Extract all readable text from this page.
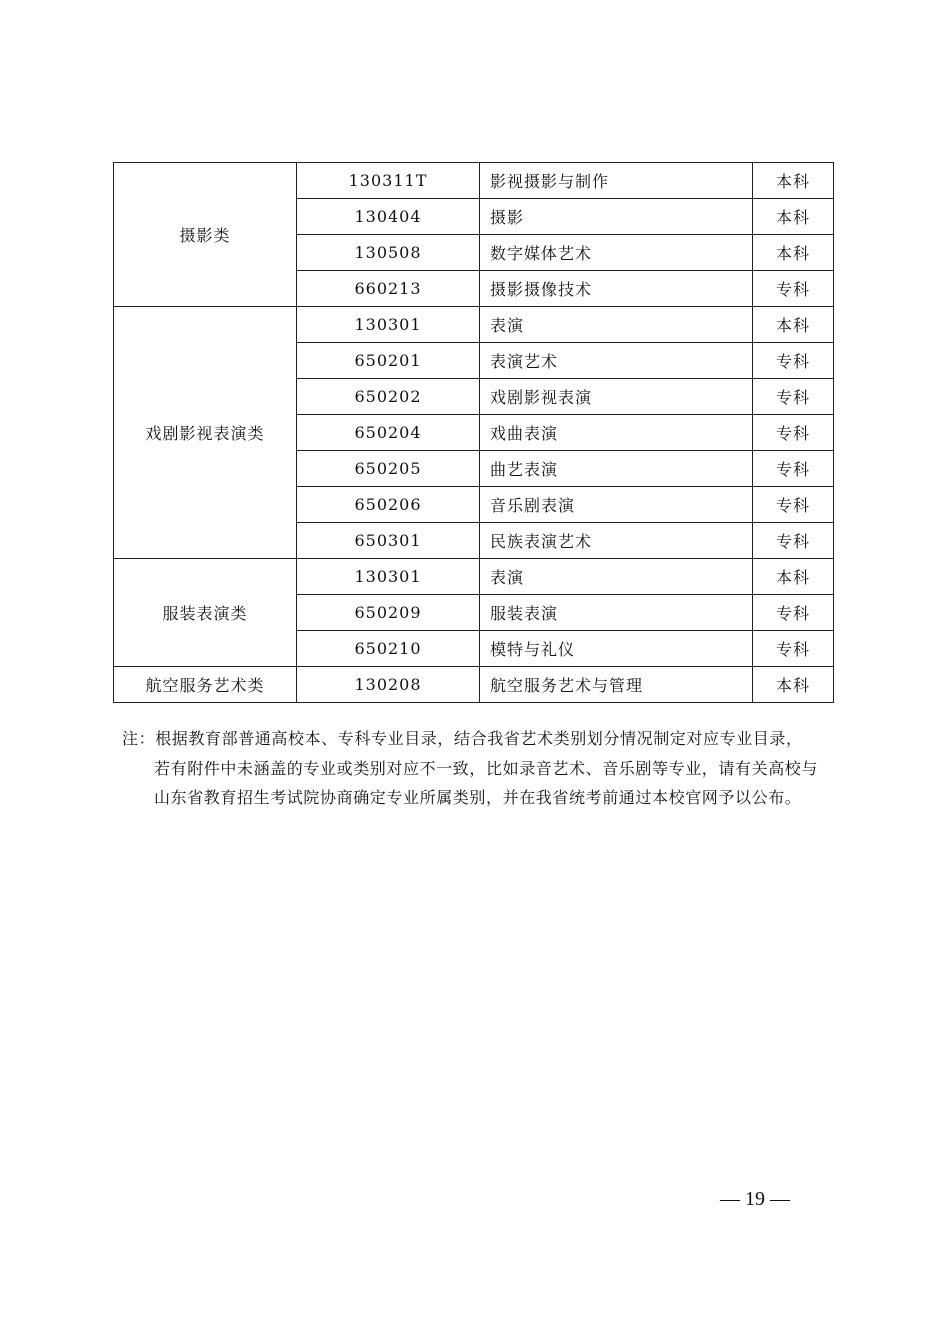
摄影类	130311T	影视摄影与制作	本科
	130404	摄影	本科
	130508	数字媒体艺术	本科
	660213	摄影摄像技术	专科
戏剧影视表演类	130301	表演	本科
	650201	表演艺术	专科
	650202	戏剧影视表演	专科
	650204	戏曲表演	专科
	650205	曲艺表演	专科
	650206	音乐剧表演	专科
	650301	民族表演艺术	专科
服装表演类	130301	表演	本科
	650209	服装表演	专科
	650210	模特与礼仪	专科
航空服务艺术类	130208	航空服务艺术与管理	本科
注：根据教育部普通高校本、专科专业目录，结合我省艺术类别划分情况制定对应专业目录，
若有附件中未涵盖的专业或类别对应不一致，比如录音艺术、音乐剧等专业，请有关高校与山东省教育招生考试院协商确定专业所属类别，并在我省统考前通过本校官网予以公布。
— 19 —
